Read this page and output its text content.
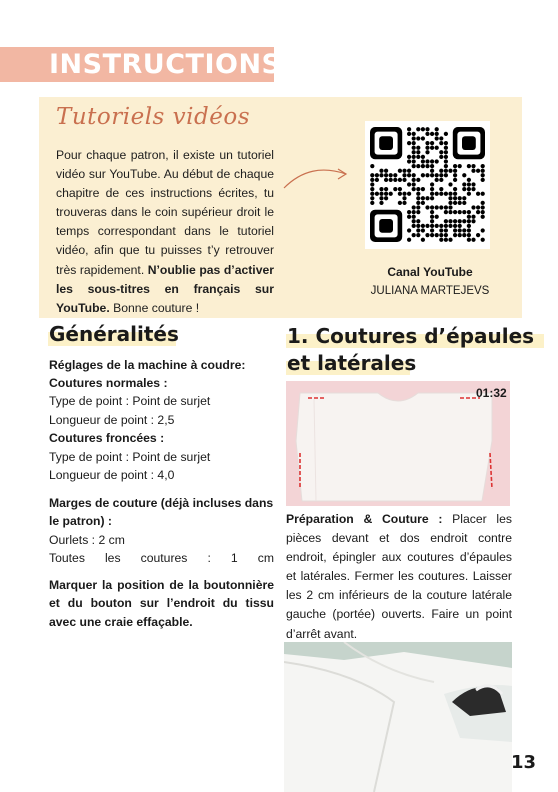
INSTRUCTIONS
Tutoriels vidéos
Pour chaque patron, il existe un tutoriel vidéo sur YouTube. Au début de chaque chapitre de ces instructions écrites, tu trouveras dans le coin supérieur droit le temps correspondant dans le tutoriel vidéo, afin que tu puisses t’y retrouver très rapidement. N’oublie pas d’activer les sous-titres en français sur YouTube. Bonne couture !
Canal YouTube
JULIANA MARTEJEVS
Généralités
Réglages de la machine à coudre:
Coutures normales :
Type de point : Point de surjet
Longueur de point : 2,5
Coutures froncées :
Type de point : Point de surjet
Longueur de point : 4,0
Marges de couture (déjà incluses dans le patron) :
Ourlets : 2 cm
Toutes les coutures : 1 cm
Marquer la position de la boutonnière et du bouton sur l’endroit du tissu avec une craie effaçable.
1. Coutures d’épaules et latérales
01:32
Préparation & Couture : Placer les pièces devant et dos endroit contre endroit, épingler aux coutures d’épaules et latérales. Fermer les coutures. Laisser les 2 cm inférieurs de la couture latérale gauche (portée) ouverts. Faire un point d’arrêt avant.
13
